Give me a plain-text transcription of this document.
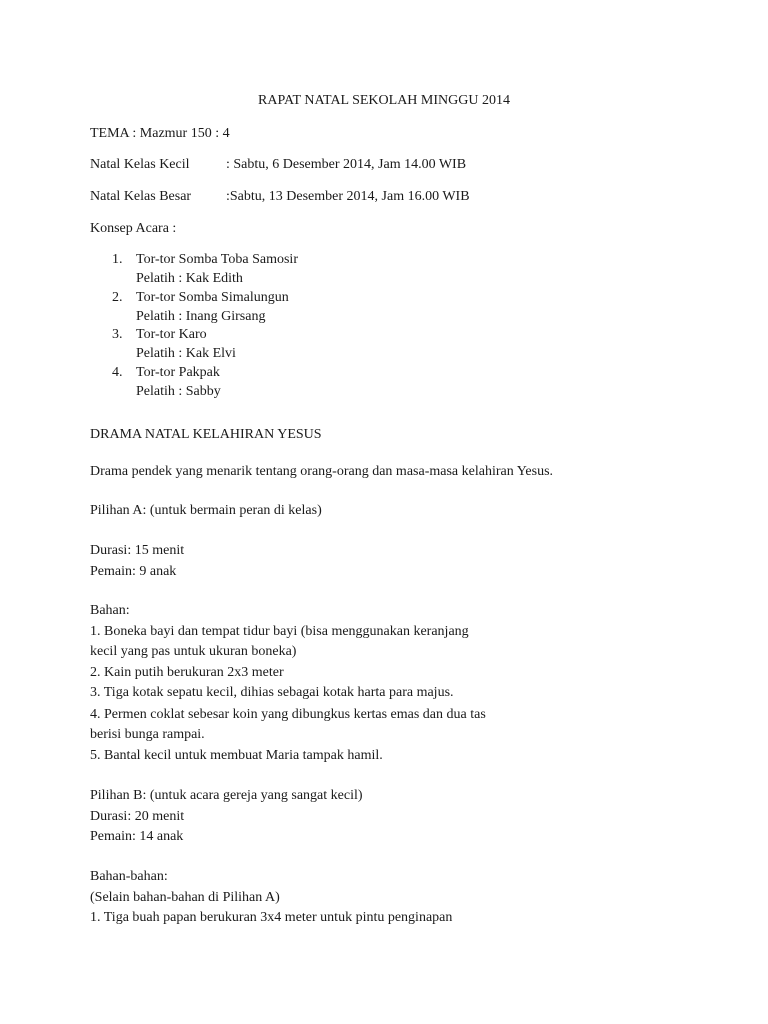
RAPAT NATAL SEKOLAH MINGGU 2014
TEMA : Mazmur 150 : 4
Natal Kelas Kecil	: Sabtu, 6 Desember 2014, Jam 14.00 WIB
Natal Kelas Besar :Sabtu, 13 Desember 2014, Jam 16.00 WIB
Konsep Acara :
1. Tor-tor Somba Toba Samosir
Pelatih : Kak Edith
2. Tor-tor Somba Simalungun
Pelatih : Inang Girsang
3. Tor-tor Karo
Pelatih : Kak Elvi
4. Tor-tor Pakpak
Pelatih : Sabby
DRAMA NATAL KELAHIRAN YESUS
Drama pendek yang menarik tentang orang-orang dan masa-masa kelahiran Yesus.
Pilihan A: (untuk bermain peran di kelas)
Durasi: 15 menit
Pemain: 9 anak
Bahan:
1. Boneka bayi dan tempat tidur bayi (bisa menggunakan keranjang
kecil yang pas untuk ukuran boneka)
2. Kain putih berukuran 2x3 meter
3. Tiga kotak sepatu kecil, dihias sebagai kotak harta para majus.
4. Permen coklat sebesar koin yang dibungkus kertas emas dan dua tas
berisi bunga rampai.
5. Bantal kecil untuk membuat Maria tampak hamil.
Pilihan B: (untuk acara gereja yang sangat kecil)
Durasi: 20 menit
Pemain: 14 anak
Bahan-bahan:
(Selain bahan-bahan di Pilihan A)
1. Tiga buah papan berukuran 3x4 meter untuk pintu penginapan
